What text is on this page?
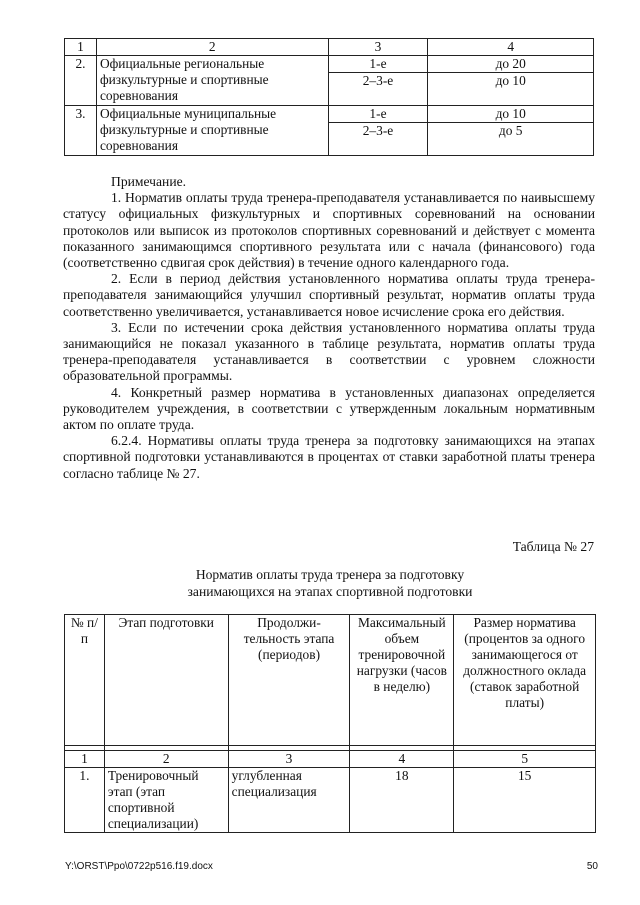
1	2	3	4
2.	Официальные региональные физкультурные и спортивные соревнования	1-е	до 20
		2–3-е	до 10
3.	Официальные муниципальные физкультурные и спортивные соревнования	1-е	до 10
		2–3-е	до 5

Примечание.

1. Норматив оплаты труда тренера-преподавателя устанавливается по наивысшему статусу официальных физкультурных и спортивных соревнований на основании протоколов или выписок из протоколов спортивных соревнований и действует с момента показанного занимающимся спортивного результата или с начала (финансового) года (соответственно сдвигая срок действия) в течение одного календарного года.

2. Если в период действия установленного норматива оплаты труда тренера-преподавателя занимающийся улучшил спортивный результат, норматив оплаты труда соответственно увеличивается, устанавливается новое исчисление срока его действия.

3. Если по истечении срока действия установленного норматива оплаты труда занимающийся не показал указанного в таблице результата, норматив оплаты труда тренера-преподавателя устанавливается в соответствии с уровнем сложности образовательной программы.

4. Конкретный размер норматива в установленных диапазонах определяется руководителем учреждения, в соответствии с утвержденным локальным нормативным актом по оплате труда.

6.2.4. Нормативы оплаты труда тренера за подготовку занимающихся на этапах спортивной подготовки устанавливаются в процентах от ставки заработной платы тренера согласно таблице № 27.

Таблица № 27
Норматив оплаты труда тренера за подготовку
занимающихся на этапах спортивной подготовки
№ п/п	Этап подготовки	Продолжи-тельность этапа (периодов)	Максимальный объем тренировочной нагрузки (часов в неделю)	Размер норматива (процентов за одного занимающегося от должностного оклада (ставок заработной платы)

1	2	3	4	5
1.	Тренировочный этап (этап спортивной специализации)	углубленная специализация	18	15
Y:\ORST\Ppo\0722p516.f19.docx	50
